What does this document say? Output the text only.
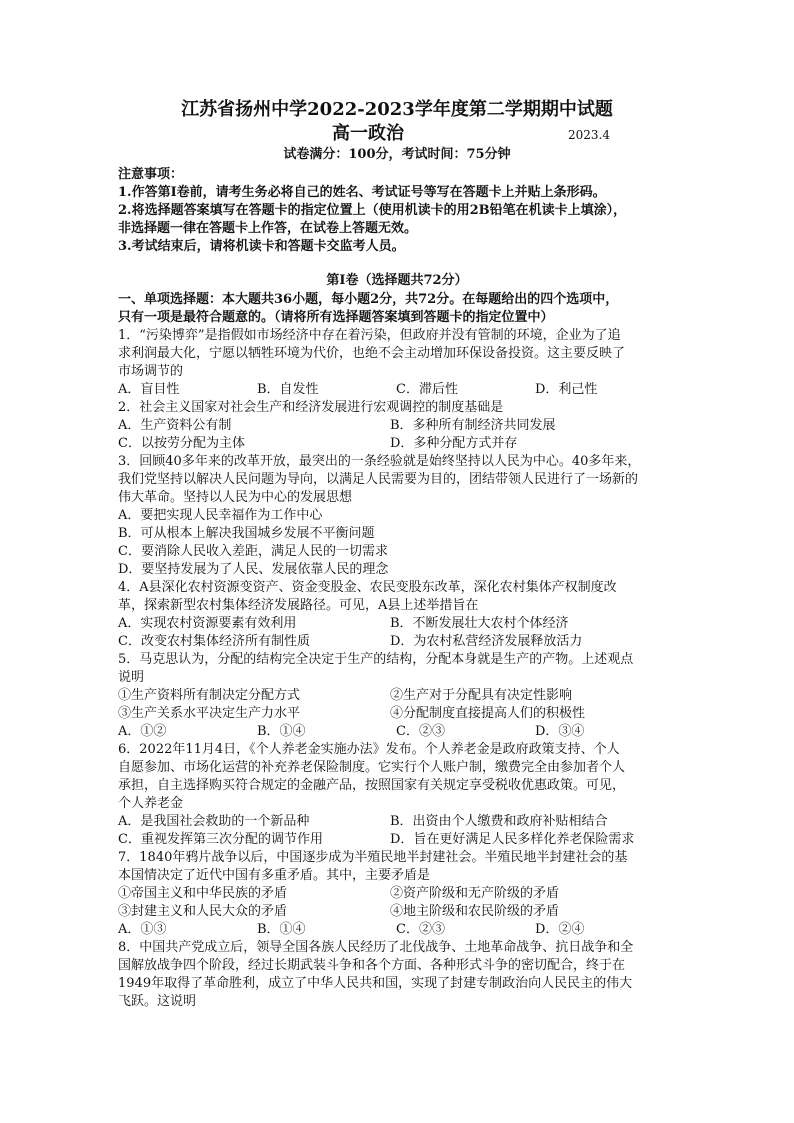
江苏省扬州中学2022-2023学年度第二学期期中试题
高一政治	2023.4
试卷满分：100分，考试时间：75分钟
注意事项：
1.作答第Ⅰ卷前，请考生务必将自己的姓名、考试证号等写在答题卡上并贴上条形码。
2.将选择题答案填写在答题卡的指定位置上（使用机读卡的用2B铅笔在机读卡上填涂），
非选择题一律在答题卡上作答，在试卷上答题无效。
3.考试结束后，请将机读卡和答题卡交监考人员。
第Ⅰ卷（选择题共72分）
一、单项选择题：本大题共36小题，每小题2分，共72分。在每题给出的四个选项中，
只有一项是最符合题意的。（请将所有选择题答案填到答题卡的指定位置中）
1．“污染博弈”是指假如市场经济中存在着污染，但政府并没有管制的环境，企业为了追
求利润最大化，宁愿以牺牲环境为代价，也绝不会主动增加环保设备投资。这主要反映了
市场调节的
A．盲目性	B．自发性	C．滞后性	D．利己性
2．社会主义国家对社会生产和经济发展进行宏观调控的制度基础是
A．生产资料公有制	B．多种所有制经济共同发展
C．以按劳分配为主体	D．多种分配方式并存
3．回顾40多年来的改革开放，最突出的一条经验就是始终坚持以人民为中心。40多年来，
我们党坚持以解决人民问题为导向，以满足人民需要为目的，团结带领人民进行了一场新的
伟大革命。坚持以人民为中心的发展思想
A．要把实现人民幸福作为工作中心
B．可从根本上解决我国城乡发展不平衡问题
C．要消除人民收入差距，满足人民的一切需求
D．要坚持发展为了人民、发展依靠人民的理念
4．A县深化农村资源变资产、资金变股金、农民变股东改革，深化农村集体产权制度改
革，探索新型农村集体经济发展路径。可见，A县上述举措旨在
A．实现农村资源要素有效利用	B．不断发展壮大农村个体经济
C．改变农村集体经济所有制性质	D．为农村私营经济发展释放活力
5．马克思认为，分配的结构完全决定于生产的结构，分配本身就是生产的产物。上述观点
说明
①生产资料所有制决定分配方式	②生产对于分配具有决定性影响
③生产关系水平决定生产力水平	④分配制度直接提高人们的积极性
A．①②	B．①④	C．②③	D．③④
6．2022年11月4日，《个人养老金实施办法》发布。个人养老金是政府政策支持、个人
自愿参加、市场化运营的补充养老保险制度。它实行个人账户制，缴费完全由参加者个人
承担，自主选择购买符合规定的金融产品，按照国家有关规定享受税收优惠政策。可见，
个人养老金
A．是我国社会救助的一个新品种	B．出资由个人缴费和政府补贴相结合
C．重视发挥第三次分配的调节作用	D．旨在更好满足人民多样化养老保险需求
7．1840年鸦片战争以后，中国逐步成为半殖民地半封建社会。半殖民地半封建社会的基
本国情决定了近代中国有多重矛盾。其中，主要矛盾是
①帝国主义和中华民族的矛盾	②资产阶级和无产阶级的矛盾
③封建主义和人民大众的矛盾	④地主阶级和农民阶级的矛盾
A．①③	B．①④	C．②③	D．②④
8．中国共产党成立后，领导全国各族人民经历了北伐战争、土地革命战争、抗日战争和全
国解放战争四个阶段，经过长期武装斗争和各个方面、各种形式斗争的密切配合，终于在
1949年取得了革命胜利，成立了中华人民共和国，实现了封建专制政治向人民民主的伟大
飞跃。这说明
